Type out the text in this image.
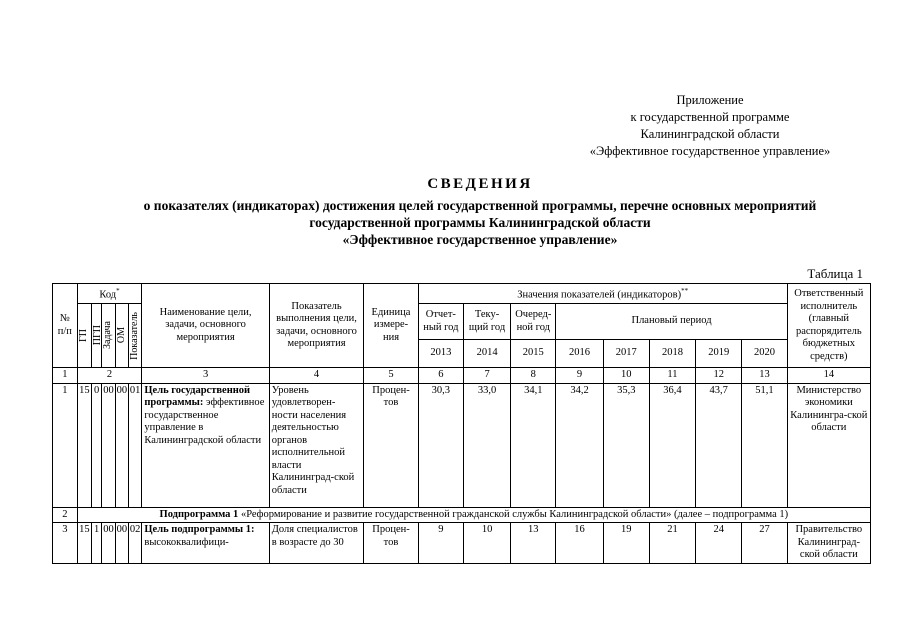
Приложение
к государственной программе
Калининградской области
«Эффективное государственное управление»
СВЕДЕНИЯ
о показателях (индикаторах) достижения целей государственной программы, перечне основных мероприятий
государственной программы Калининградской области
«Эффективное государственное управление»
Таблица 1
№ п/п	Код*					Наименование цели, задачи, основного мероприятия	Показатель выполнения цели, задачи, основного мероприятия	Единица измере-ния	Значения показателей (индикаторов)**								Ответственный исполнитель (главный распорядитель бюджетных средств)

	ГП	ПГП	Задача	ОМ	Показатель				Отчет-ный год	Теку-щий год	Очеред-ной год	Плановый период					
									2013	2014	2015	2016	2017	2018	2019	2020	
1	2					3	4	5	6	7	8	9	10	11	12	13	14
1	15	0	00	00	01	Цель государственной программы: эффективное государственное управление в Калининградской области	Уровень удовлетворен-ности населения деятельностью органов исполнительной власти Калининград-ской области	Процен-тов	30,3	33,0	34,1	34,2	35,3	36,4	43,7	51,1	Министерство экономики Калинингра-ской области
2	Подпрограмма 1 «Реформирование и развитие государственной гражданской службы Калининградской области» (далее – подпрограмма 1)																
3	15	1	00	00	02	Цель подпрограммы 1: высококвалифици-	Доля специалистов в возрасте до 30	Процен-тов	9	10	13	16	19	21	24	27	Правительство Калининград-ской области
